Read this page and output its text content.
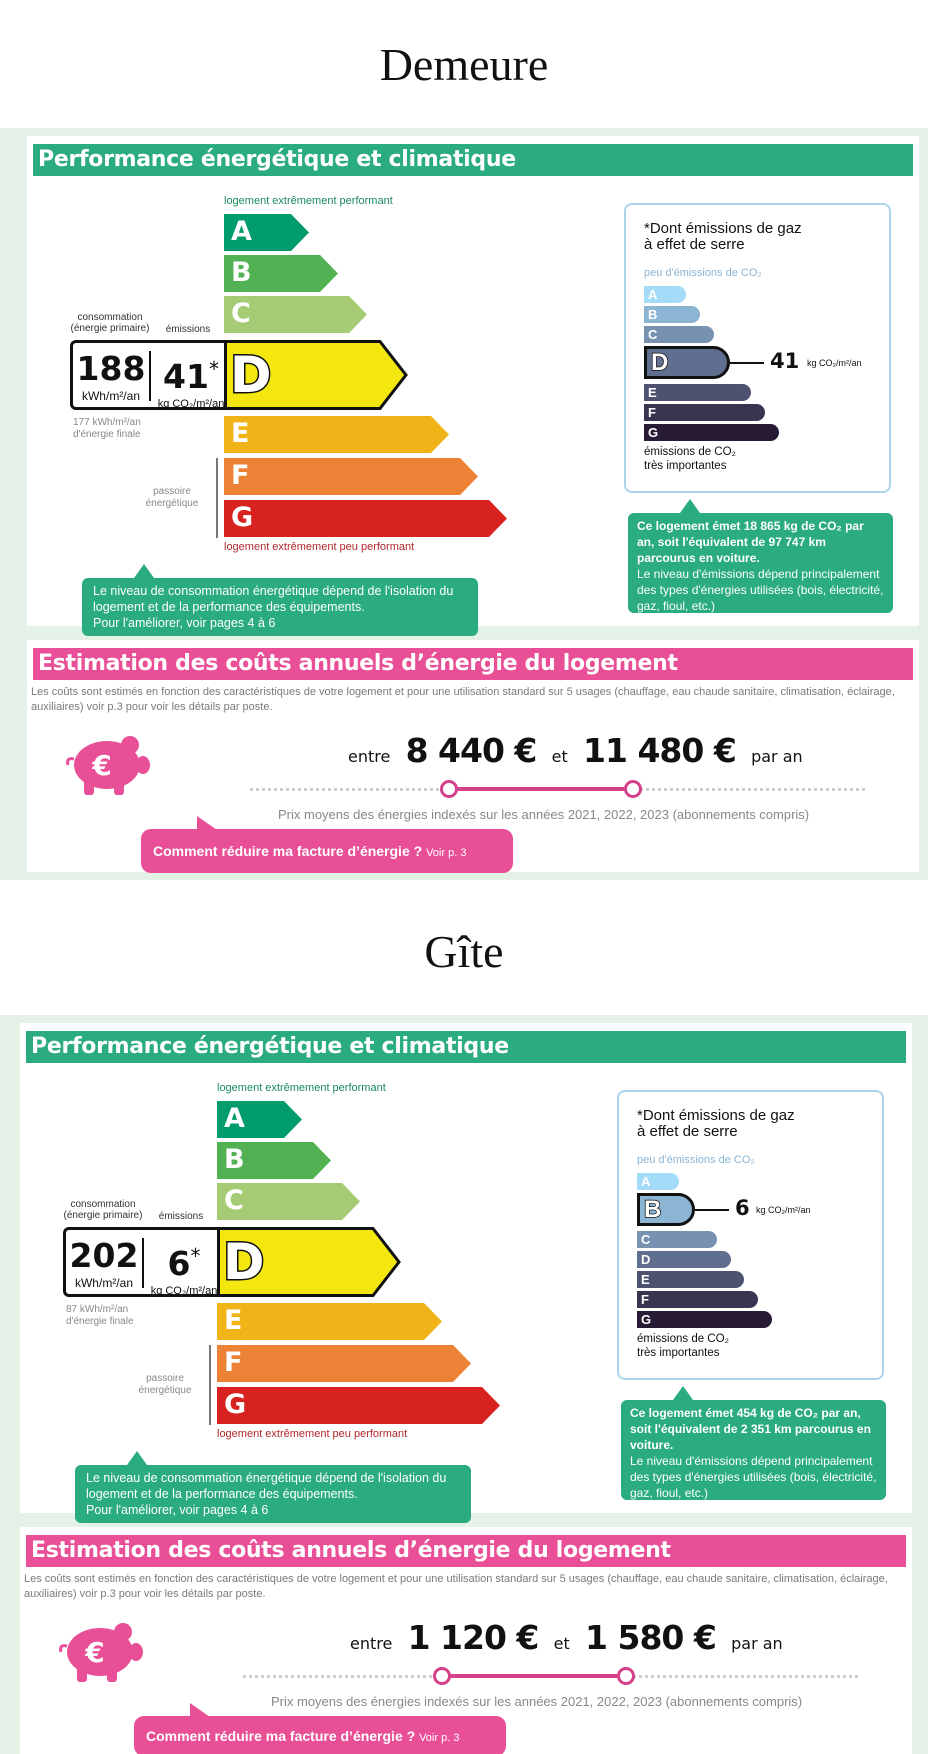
Demeure
Performance énergétique et climatique
logement extrêmement performant
A
B
C
consommation
(énergie primaire)	émissions
188
kWh/m²/an 41*
kg CO₂/m²/an D
177 kWh/m²/an
d'énergie finale	E
F
G
passoire
énergétique
logement extrêmement peu performant
*Dont émissions de gaz
à effet de serre
peu d'émissions de CO₂
A
B
C
D	41 kg CO₂/m²/an
E
F
G
émissions de CO₂
très importantes
Ce logement émet 18 865 kg de CO₂ par an, soit l'équivalent de 97 747 km parcourus en voiture.
Le niveau d'émissions dépend principalement des types d'énergies utilisées (bois, électricité, gaz, fioul, etc.)
Le niveau de consommation énergétique dépend de l'isolation du logement et de la performance des équipements.
Pour l'améliorer, voir pages 4 à 6
Estimation des coûts annuels d’énergie du logement
Les coûts sont estimés en fonction des caractéristiques de votre logement et pour une utilisation standard sur 5 usages (chauffage, eau chaude sanitaire, climatisation, éclairage, auxiliaires) voir p.3 pour voir les détails par poste.
€	entre 8 440 € et 11 480 € par an
Prix moyens des énergies indexés sur les années 2021, 2022, 2023 (abonnements compris)
Comment réduire ma facture d’énergie ? Voir p. 3
Gîte
Performance énergétique et climatique
logement extrêmement performant
A
B
C
consommation
(énergie primaire)	émissions
202
kWh/m²/an	6*
kg CO₂/m²/an D
87 kWh/m²/an
d'énergie finale	E
F
G
passoire
énergétique
logement extrêmement peu performant
*Dont émissions de gaz
à effet de serre
peu d'émissions de CO₂
A
B	6 kg CO₂/m²/an
C
D
E
F
G
émissions de CO₂
très importantes
Ce logement émet 454 kg de CO₂ par an, soit l'équivalent de 2 351 km parcourus en voiture.
Le niveau d'émissions dépend principalement des types d'énergies utilisées (bois, électricité, gaz, fioul, etc.)
Le niveau de consommation énergétique dépend de l'isolation du logement et de la performance des équipements.
Pour l'améliorer, voir pages 4 à 6
Estimation des coûts annuels d’énergie du logement
Les coûts sont estimés en fonction des caractéristiques de votre logement et pour une utilisation standard sur 5 usages (chauffage, eau chaude sanitaire, climatisation, éclairage, auxiliaires) voir p.3 pour voir les détails par poste.
€	entre 1 120 € et 1 580 € par an
Prix moyens des énergies indexés sur les années 2021, 2022, 2023 (abonnements compris)
Comment réduire ma facture d’énergie ? Voir p. 3
